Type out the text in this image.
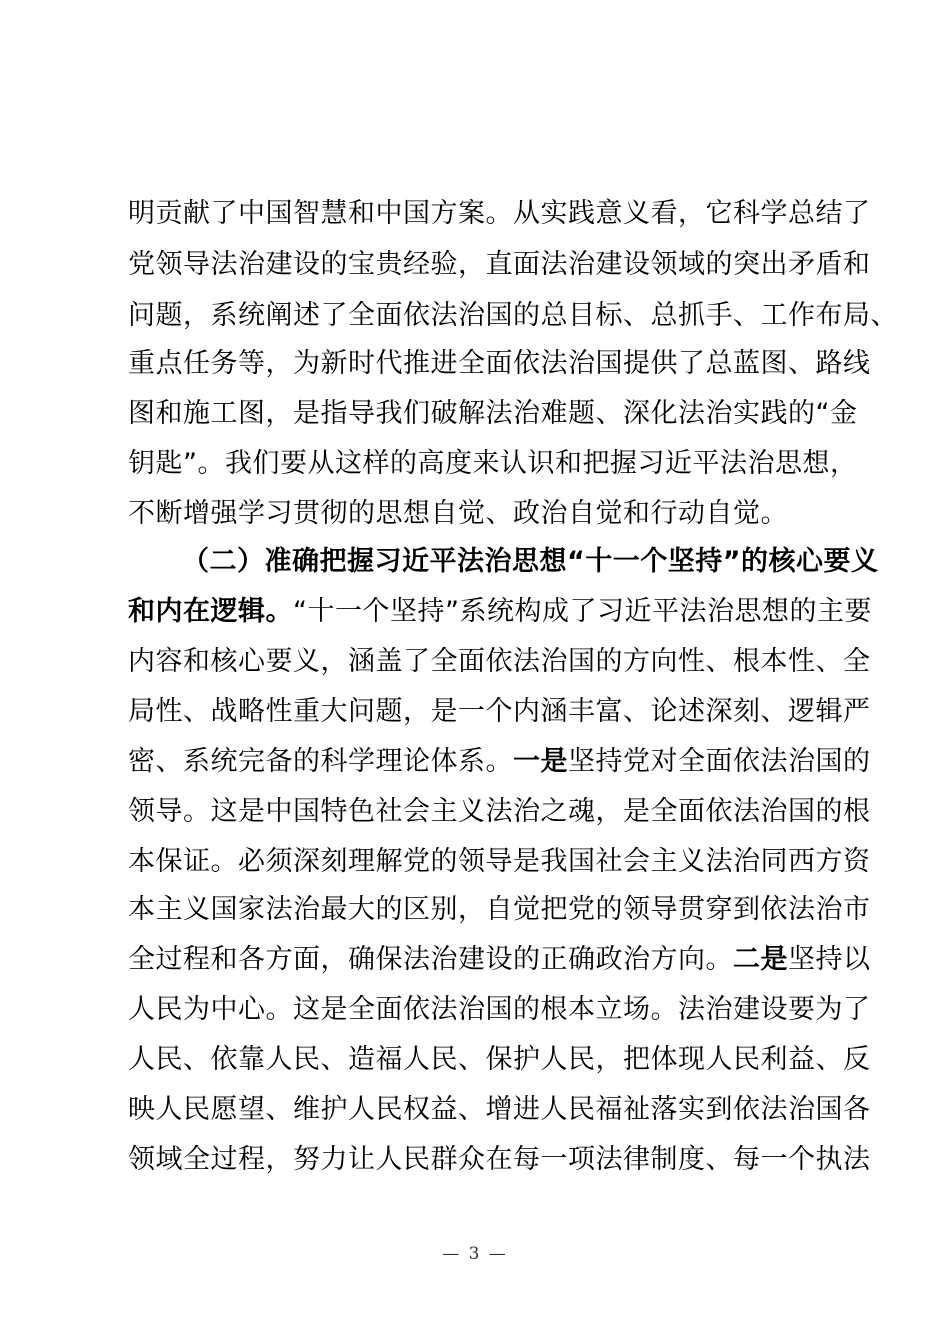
明贡献了中国智慧和中国方案。从实践意义看，它科学总结了
党领导法治建设的宝贵经验，直面法治建设领域的突出矛盾和
问题，系统阐述了全面依法治国的总目标、总抓手、工作布局、
重点任务等，为新时代推进全面依法治国提供了总蓝图、路线
图和施工图，是指导我们破解法治难题、深化法治实践的“金
钥匙”。我们要从这样的高度来认识和把握习近平法治思想，
不断增强学习贯彻的思想自觉、政治自觉和行动自觉。
（二）准确把握习近平法治思想“十一个坚持”的核心要义
和内在逻辑。“十一个坚持”系统构成了习近平法治思想的主要
内容和核心要义，涵盖了全面依法治国的方向性、根本性、全
局性、战略性重大问题，是一个内涵丰富、论述深刻、逻辑严
密、系统完备的科学理论体系。一是坚持党对全面依法治国的
领导。这是中国特色社会主义法治之魂，是全面依法治国的根
本保证。必须深刻理解党的领导是我国社会主义法治同西方资
本主义国家法治最大的区别，自觉把党的领导贯穿到依法治市
全过程和各方面，确保法治建设的正确政治方向。二是坚持以
人民为中心。这是全面依法治国的根本立场。法治建设要为了
人民、依靠人民、造福人民、保护人民，把体现人民利益、反
映人民愿望、维护人民权益、增进人民福祉落实到依法治国各
领域全过程，努力让人民群众在每一项法律制度、每一个执法
— 3 —
